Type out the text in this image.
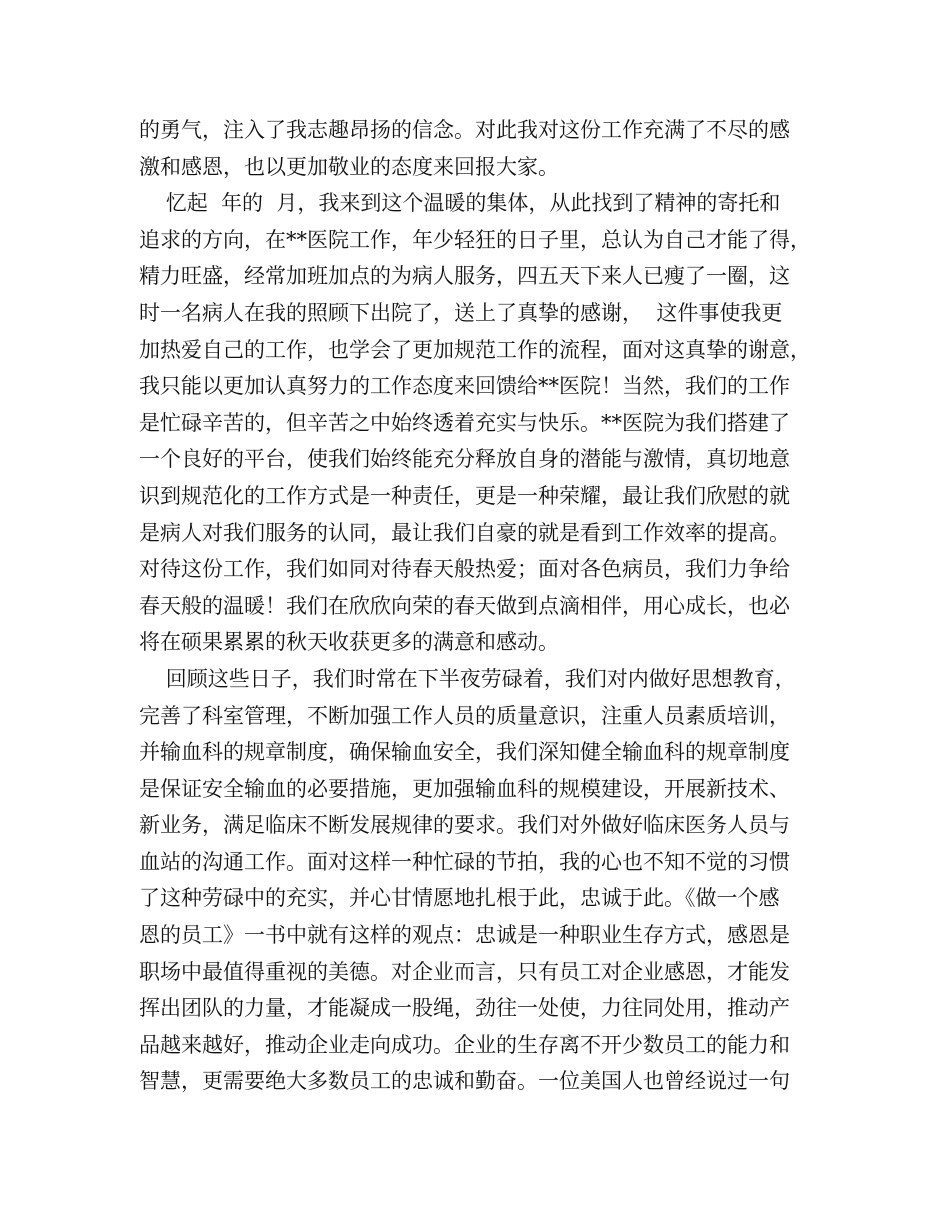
的勇气，注入了我志趣昂扬的信念。对此我对这份工作充满了不尽的感
激和感恩，也以更加敬业的态度来回报大家。
忆起  年的  月，我来到这个温暖的集体，从此找到了精神的寄托和
追求的方向，在**医院工作，年少轻狂的日子里，总认为自己才能了得，
精力旺盛，经常加班加点的为病人服务，四五天下来人已瘦了一圈，这
时一名病人在我的照顾下出院了，送上了真挚的感谢，  这件事使我更
加热爱自己的工作，也学会了更加规范工作的流程，面对这真挚的谢意，
我只能以更加认真努力的工作态度来回馈给**医院！当然，我们的工作
是忙碌辛苦的，但辛苦之中始终透着充实与快乐。**医院为我们搭建了
一个良好的平台，使我们始终能充分释放自身的潜能与激情，真切地意
识到规范化的工作方式是一种责任，更是一种荣耀，最让我们欣慰的就
是病人对我们服务的认同，最让我们自豪的就是看到工作效率的提高。
对待这份工作，我们如同对待春天般热爱；面对各色病员，我们力争给
春天般的温暖！我们在欣欣向荣的春天做到点滴相伴，用心成长，也必
将在硕果累累的秋天收获更多的满意和感动。
回顾这些日子，我们时常在下半夜劳碌着，我们对内做好思想教育，
完善了科室管理，不断加强工作人员的质量意识，注重人员素质培训，
并输血科的规章制度，确保输血安全，我们深知健全输血科的规章制度
是保证安全输血的必要措施，更加强输血科的规模建设，开展新技术、
新业务，满足临床不断发展规律的要求。我们对外做好临床医务人员与
血站的沟通工作。面对这样一种忙碌的节拍，我的心也不知不觉的习惯
了这种劳碌中的充实，并心甘情愿地扎根于此，忠诚于此。《做一个感
恩的员工》一书中就有这样的观点：忠诚是一种职业生存方式，感恩是
职场中最值得重视的美德。对企业而言，只有员工对企业感恩，才能发
挥出团队的力量，才能凝成一股绳，劲往一处使，力往同处用，推动产
品越来越好，推动企业走向成功。企业的生存离不开少数员工的能力和
智慧，更需要绝大多数员工的忠诚和勤奋。一位美国人也曾经说过一句
